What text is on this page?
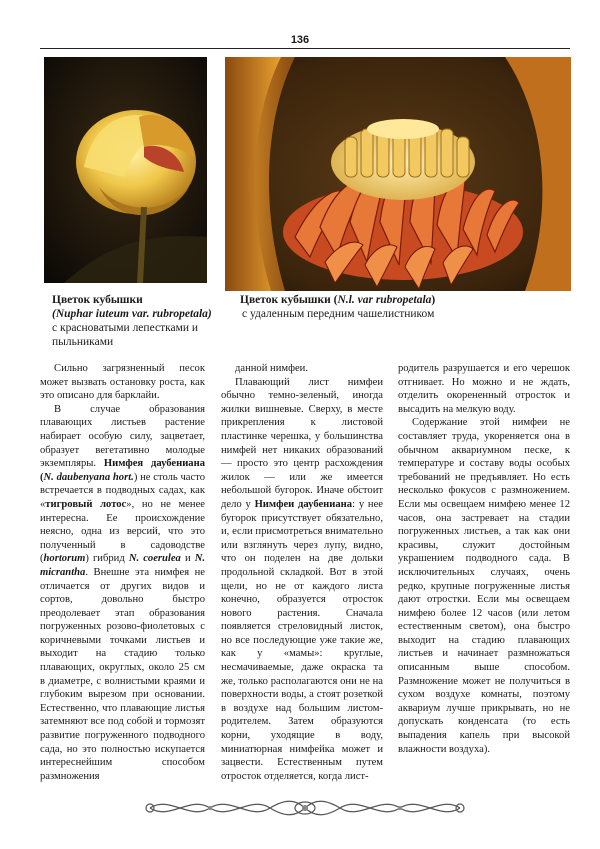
136
Цветок кубышки
(Nuphar iuteum var. rubropetala)
с красноватыми лепестками и пыльниками
Цветок кубышки (N.l. var rubropetala)
с удаленным передним чашелистником

Сильно загрязненный песок может вызвать остановку роста, как это описано для барклайи.

В случае образования плавающих листьев растение набирает особую силу, зацветает, образует вегетативно молодые экземпляры. Нимфея даубениана (N. daubenyana hort.) не столь часто встречается в подводных садах, как «тигровый лотос», но не менее интересна. Ее происхождение неясно, одна из версий, что это полученный в садоводстве (hortorum) гибрид N. coerulea и N. micrantha. Внешне эта нимфея не отличается от других видов и сортов, довольно быстро преодолевает этап образования погруженных розово-фиолетовых с коричневыми точками листьев и выходит на стадию только плавающих, округлых, около 25 см в диаметре, с волнистыми краями и глубоким вырезом при основании. Естественно, что плавающие листья затемняют все под собой и тормозят развитие погруженного подводного сада, но это полностью искупается интереснейшим способом размножения

данной нимфеи.

Плавающий лист нимфеи обычно темно-зеленый, иногда жилки вишневые. Сверху, в месте прикрепления к листовой пластинке черешка, у большинства нимфей нет никаких образований — просто это центр расхождения жилок — или же имеется небольшой бугорок. Иначе обстоит дело у Нимфеи даубениана: у нее бугорок присутствует обязательно, и, если присмотреться внимательно или взглянуть через лупу, видно, что он поделен на две дольки продольной складкой. Вот в этой щели, но не от каждого листа конечно, образуется отросток нового растения. Сначала появляется стреловидный листок, но все последующие уже такие же, как у «мамы»: круглые, несмачиваемые, даже окраска та же, только располагаются они не на поверхности воды, а стоят розеткой в воздухе над большим листом-родителем. Затем образуются корни, уходящие в воду, миниатюрная нимфейка может и зацвести. Естественным путем отросток отделяется, когда лист-

родитель разрушается и его черешок отгнивает. Но можно и не ждать, отделить окорененный отросток и высадить на мелкую воду.

Содержание этой нимфеи не составляет труда, укореняется она в обычном аквариумном песке, к температуре и составу воды особых требований не предъявляет. Но есть несколько фокусов с размножением. Если мы освещаем нимфею менее 12 часов, она застревает на стадии погруженных листьев, а так как они красивы, служит достойным украшением подводного сада. В исключительных случаях, очень редко, крупные погруженные листья дают отростки. Если мы освещаем нимфею более 12 часов (или летом естественным светом), она быстро выходит на стадию плавающих листьев и начинает размножаться описанным выше способом. Размножение может не получиться в сухом воздухе комнаты, поэтому аквариум лучше прикрывать, но не допускать конденсата (то есть выпадения капель при высокой влажности воздуха).
